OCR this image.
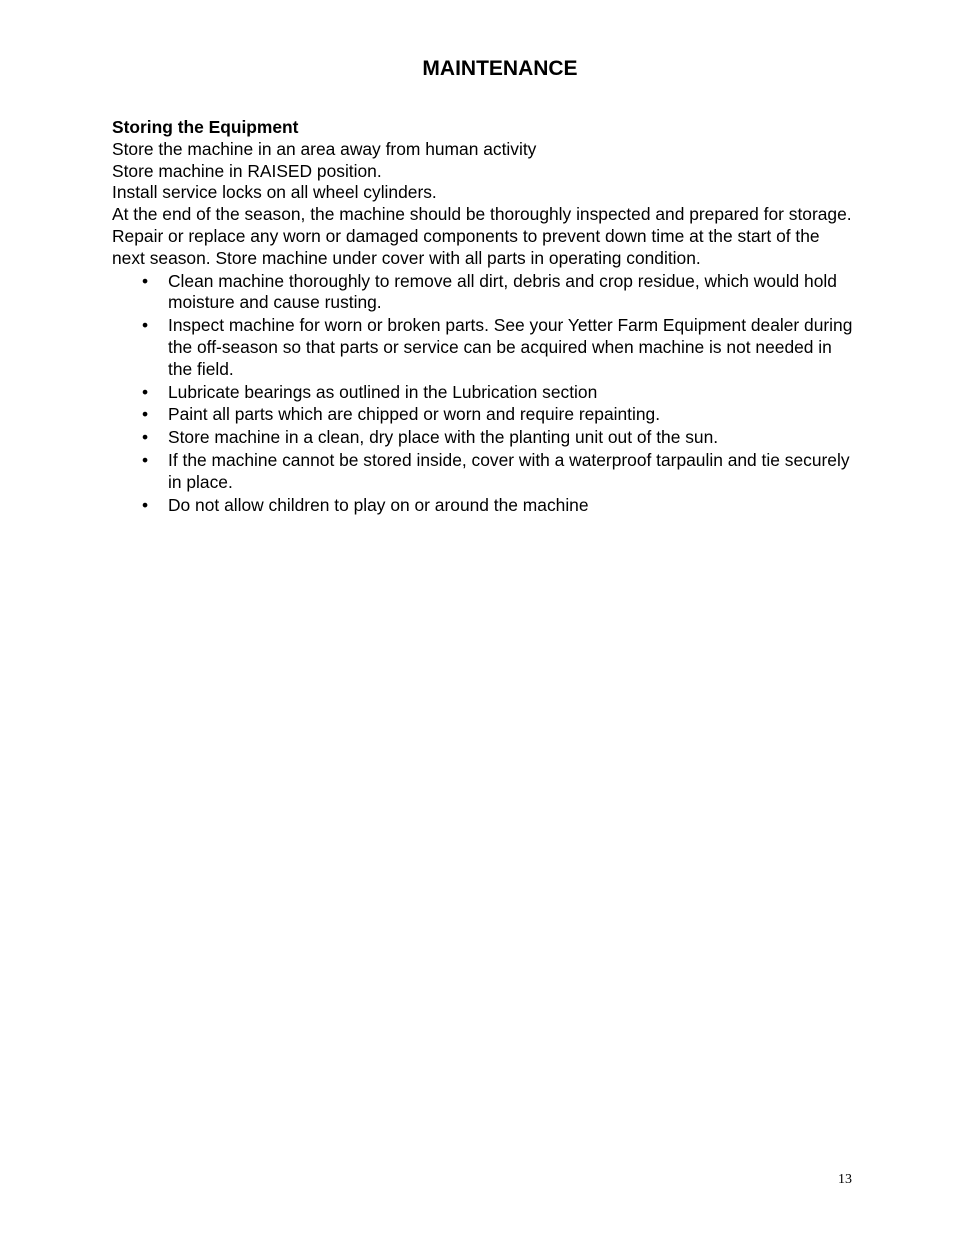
MAINTENANCE
Storing the Equipment
Store the machine in an area away from human activity
Store machine in RAISED position.
Install service locks on all wheel cylinders.
At the end of the season, the machine should be thoroughly inspected and prepared for storage. Repair or replace any worn or damaged components to prevent down time at the start of the next season. Store machine under cover with all parts in operating condition.
• Clean machine thoroughly to remove all dirt, debris and crop residue, which would hold moisture and cause rusting.
• Inspect machine for worn or broken parts. See your Yetter Farm Equipment dealer during the off-season so that parts or service can be acquired when machine is not needed in the field.
• Lubricate bearings as outlined in the Lubrication section
• Paint all parts which are chipped or worn and require repainting.
• Store machine in a clean, dry place with the planting unit out of the sun.
• If the machine cannot be stored inside, cover with a waterproof tarpaulin and tie securely in place.
• Do not allow children to play on or around the machine
13
